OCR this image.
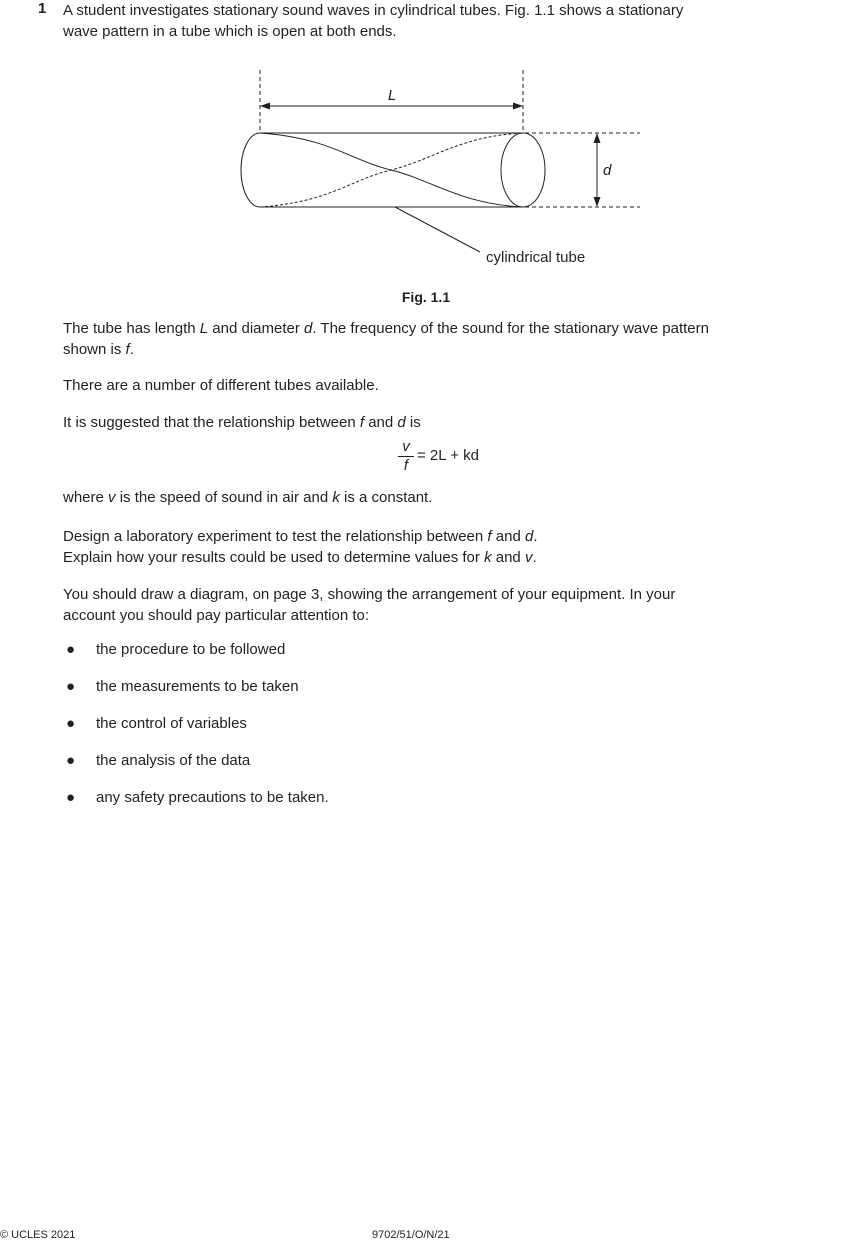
1 A student investigates stationary sound waves in cylindrical tubes. Fig. 1.1 shows a stationary
wave pattern in a tube which is open at both ends.
L
d
cylindrical tube
Fig. 1.1
The tube has length L and diameter d. The frequency of the sound for the stationary wave pattern
shown is f.
There are a number of different tubes available.
It is suggested that the relationship between f and d is
v
f
= 2L + kd
where v is the speed of sound in air and k is a constant.
Design a laboratory experiment to test the relationship between f and d.
Explain how your results could be used to determine values for k and v.
You should draw a diagram, on page 3, showing the arrangement of your equipment. In your
account you should pay particular attention to:
● the procedure to be followed
● the measurements to be taken
● the control of variables
● the analysis of the data
● any safety precautions to be taken.
© UCLES 2021	9702/51/O/N/21
